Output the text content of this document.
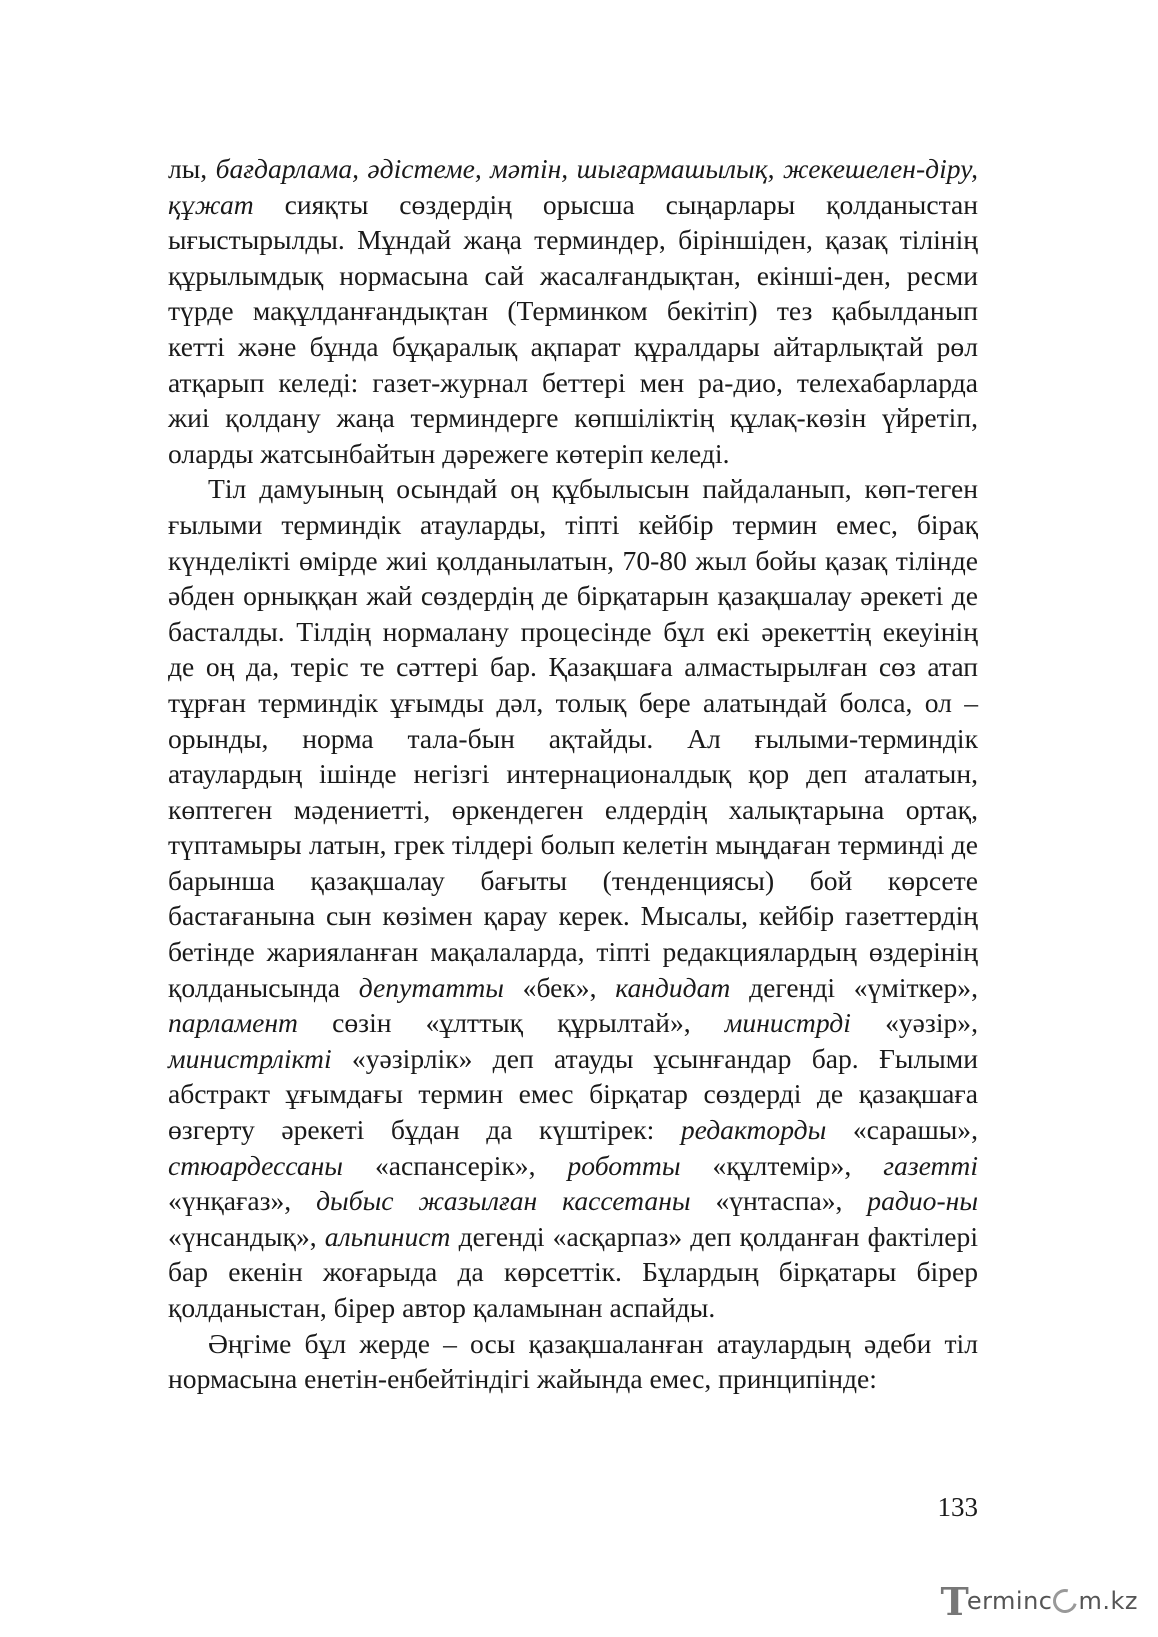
лы, бағдарлама, әдістеме, мәтін, шығармашылық, жекешелен-діру, құжат сияқты сөздердің орысша сыңарлары қолданыстан ығыстырылды. Мұндай жаңа терминдер, біріншіден, қазақ тілінің құрылымдық нормасына сай жасалғандықтан, екінші-ден, ресми түрде мақұлданғандықтан (Терминком бекітіп) тез қабылданып кетті және бұнда бұқаралық ақпарат құралдары айтарлықтай рөл атқарып келеді: газет-журнал беттері мен ра-дио, телехабарларда жиі қолдану жаңа терминдерге көпшіліктің құлақ-көзін үйретіп, оларды жатсынбайтын дәрежеге көтеріп келеді.

Тіл дамуының осындай оң құбылысын пайдаланып, көп-теген ғылыми терминдік атауларды, тіпті кейбір термин емес, бірақ күнделікті өмірде жиі қолданылатын, 70-80 жыл бойы қазақ тілінде әбден орныққан жай сөздердің де бірқатарын қазақшалау әрекеті де басталды. Тілдің нормалану процесінде бұл екі әрекеттің екеуінің де оң да, теріс те сәттері бар. Қазақшаға алмастырылған сөз атап тұрған терминдік ұғымды дәл, толық бере алатындай болса, ол – орынды, норма тала-бын ақтайды. Ал ғылыми-терминдік атаулардың ішінде негізгі интернационалдық қор деп аталатын, көптеген мәдениетті, өркендеген елдердің халықтарына ортақ, түптамыры латын, грек тілдері болып келетін мыңдаған терминді де барынша қазақшалау бағыты (тенденциясы) бой көрсете бастағанына сын көзімен қарау керек. Мысалы, кейбір газеттердің бетінде жарияланған мақалаларда, тіпті редакциялардың өздерінің қолданысында депутатты «бек», кандидат дегенді «үміткер», парламент сөзін «ұлттық құрылтай», министрді «уәзір», министрлікті «уәзірлік» деп атауды ұсынғандар бар. Ғылыми абстракт ұғымдағы термин емес бірқатар сөздерді де қазақшаға өзгерту әрекеті бұдан да күштірек: редакторды «сарашы», стюардессаны «аспансерік», роботты «құлтемір», газетті «үнқағаз», дыбыс жазылған кассетаны «үнтаспа», радио-ны «үнсандық», альпинист дегенді «асқарпаз» деп қолданған фактілері бар екенін жоғарыда да көрсеттік. Бұлардың бірқатары бірер қолданыстан, бірер автор қаламынан аспайды.

Әңгіме бұл жерде – осы қазақшаланған атаулардың әдеби тіл нормасына енетін-енбейтіндігі жайында емес, принципінде:

133
T
erminc m.kz
